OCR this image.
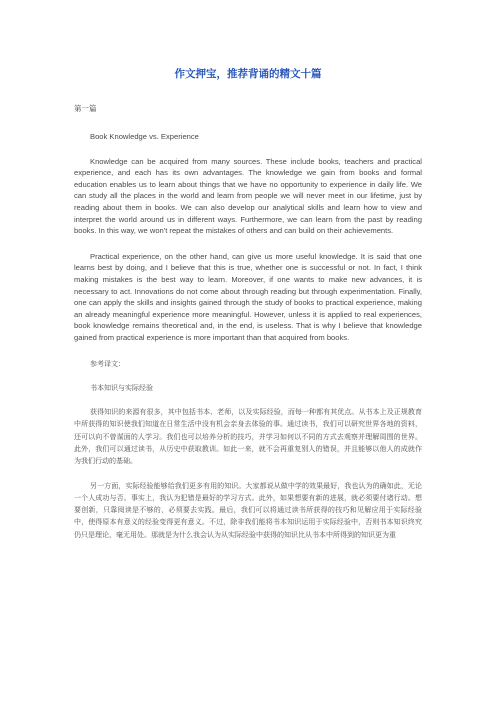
作文押宝，推荐背诵的精文十篇

第一篇

Book Knowledge vs. Experience

Knowledge can be acquired from many sources. These include books, teachers and practical experience, and each has its own advantages. The knowledge we gain from books and formal education enables us to learn about things that we have no opportunity to experience in daily life. We can study all the places in the world and learn from people we will never meet in our lifetime, just by reading about them in books. We can also develop our analytical skills and learn how to view and interpret the world around us in different ways. Furthermore, we can learn from the past by reading books. In this way, we won't repeat the mistakes of others and can build on their achievements.

Practical experience, on the other hand, can give us more useful knowledge. It is said that one learns best by doing, and I believe that this is true, whether one is successful or not. In fact, I think making mistakes is the best way to learn. Moreover, if one wants to make new advances, it is necessary to act. Innovations do not come about through reading but through experimentation. Finally, one can apply the skills and insights gained through the study of books to practical experience, making an already meaningful experience more meaningful. However, unless it is applied to real experiences, book knowledge remains theoretical and, in the end, is useless. That is why I believe that knowledge gained from practical experience is more important than that acquired from books.

参考译文：

书本知识与实际经验

获得知识的来源有很多，其中包括书本、老师，以及实际经验，而每一种都有其优点。从书本上及正规教育中所获得的知识使我们知道在日常生活中没有机会亲身去体验的事。通过读书，我们可以研究世界各地的资料，还可以向不曾谋面的人学习。我们也可以培养分析的技巧，并学习如何以不同的方式去观察并理解周围的世界。此外，我们可以通过读书，从历史中获取教训。如此一来，就不会再重复别人的错误，并且能够以他人的成就作为我们行动的基础。

另一方面，实际经验能够给我们更多有用的知识。大家都说从做中学的效果最好，我也认为的确如此，无论一个人成功与否。事实上，我认为犯错是最好的学习方式。此外，如果想要有新的进展，就必须要付诸行动。想要创新，只靠阅读是不够的，必须要去实践。最后，我们可以将通过读书所获得的技巧和见解应用于实际经验中，使得原本有意义的经验变得更有意义。不过，除非我们能将书本知识运用于实际经验中，否则书本知识终究仍只是理论，毫无用处。那就是为什么我会认为从实际经验中获得的知识比从书本中所得到的知识更为重
